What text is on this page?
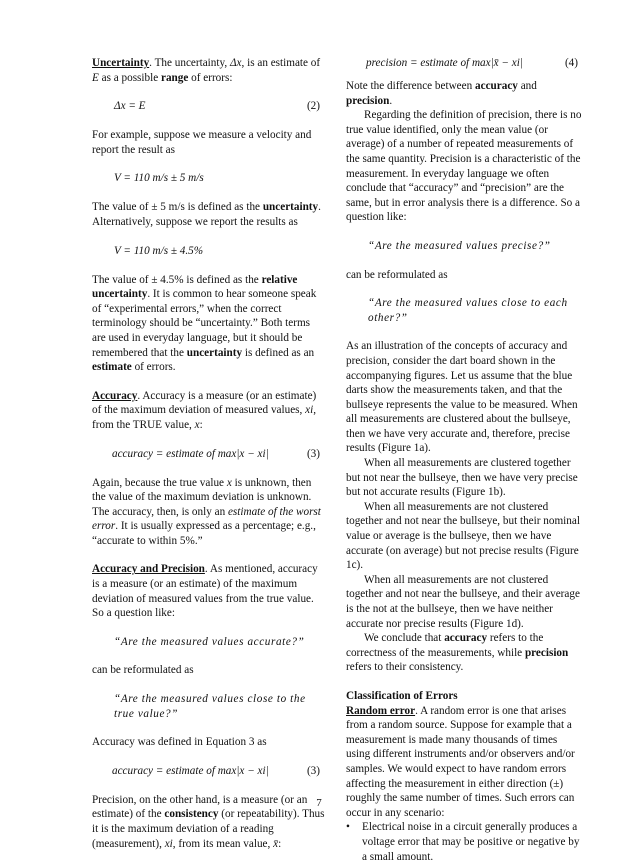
Uncertainty. The uncertainty, Δx, is an estimate of E as a possible range of errors:

Δx = E	(2)

For example, suppose we measure a velocity and report the result as

V = 110 m/s ± 5 m/s

The value of ± 5 m/s is defined as the uncertainty. Alternatively, suppose we report the results as

V = 110 m/s ± 4.5%

The value of ± 4.5% is defined as the relative uncertainty. It is common to hear someone speak of “experimental errors,” when the correct terminology should be “uncertainty.” Both terms are used in everyday language, but it should be remembered that the uncertainty is defined as an estimate of errors.

Accuracy. Accuracy is a measure (or an estimate) of the maximum deviation of measured values, xi, from the TRUE value, x:

accuracy = estimate of max|x − xi|	(3)

Again, because the true value x is unknown, then the value of the maximum deviation is unknown. The accuracy, then, is only an estimate of the worst error. It is usually expressed as a percentage; e.g., “accurate to within 5%.”

Accuracy and Precision. As mentioned, accuracy is a measure (or an estimate) of the maximum deviation of measured values from the true value. So a question like:

“Are the measured values accurate?”

can be reformulated as

“Are the measured values close to the true value?”

Accuracy was defined in Equation 3 as

accuracy = estimate of max|x − xi|	(3)

Precision, on the other hand, is a measure (or an estimate) of the consistency (or repeatability). Thus it is the maximum deviation of a reading (measurement), xi, from its mean value, x̄:

precision = estimate of max|x̄ − xi|	(4)

Note the difference between accuracy and precision.

Regarding the definition of precision, there is no true value identified, only the mean value (or average) of a number of repeated measurements of the same quantity. Precision is a characteristic of the measurement. In everyday language we often conclude that “accuracy” and “precision” are the same, but in error analysis there is a difference. So a question like:

“Are the measured values precise?”

can be reformulated as

“Are the measured values close to each other?”

As an illustration of the concepts of accuracy and precision, consider the dart board shown in the accompanying figures. Let us assume that the blue darts show the measurements taken, and that the bullseye represents the value to be measured. When all measurements are clustered about the bullseye, then we have very accurate and, therefore, precise results (Figure 1a).

When all measurements are clustered together but not near the bullseye, then we have very precise but not accurate results (Figure 1b).

When all measurements are not clustered together and not near the bullseye, but their nominal value or average is the bullseye, then we have accurate (on average) but not precise results (Figure 1c).

When all measurements are not clustered together and not near the bullseye, and their average is the not at the bullseye, then we have neither accurate nor precise results (Figure 1d).

We conclude that accuracy refers to the correctness of the measurements, while precision refers to their consistency.

Classification of Errors

Random error. A random error is one that arises from a random source. Suppose for example that a measurement is made many thousands of times using different instruments and/or observers and/or samples. We would expect to have random errors affecting the measurement in either direction (±) roughly the same number of times. Such errors can occur in any scenario:

•	Electrical noise in a circuit generally produces a voltage error that may be positive or negative by a small amount.
7
